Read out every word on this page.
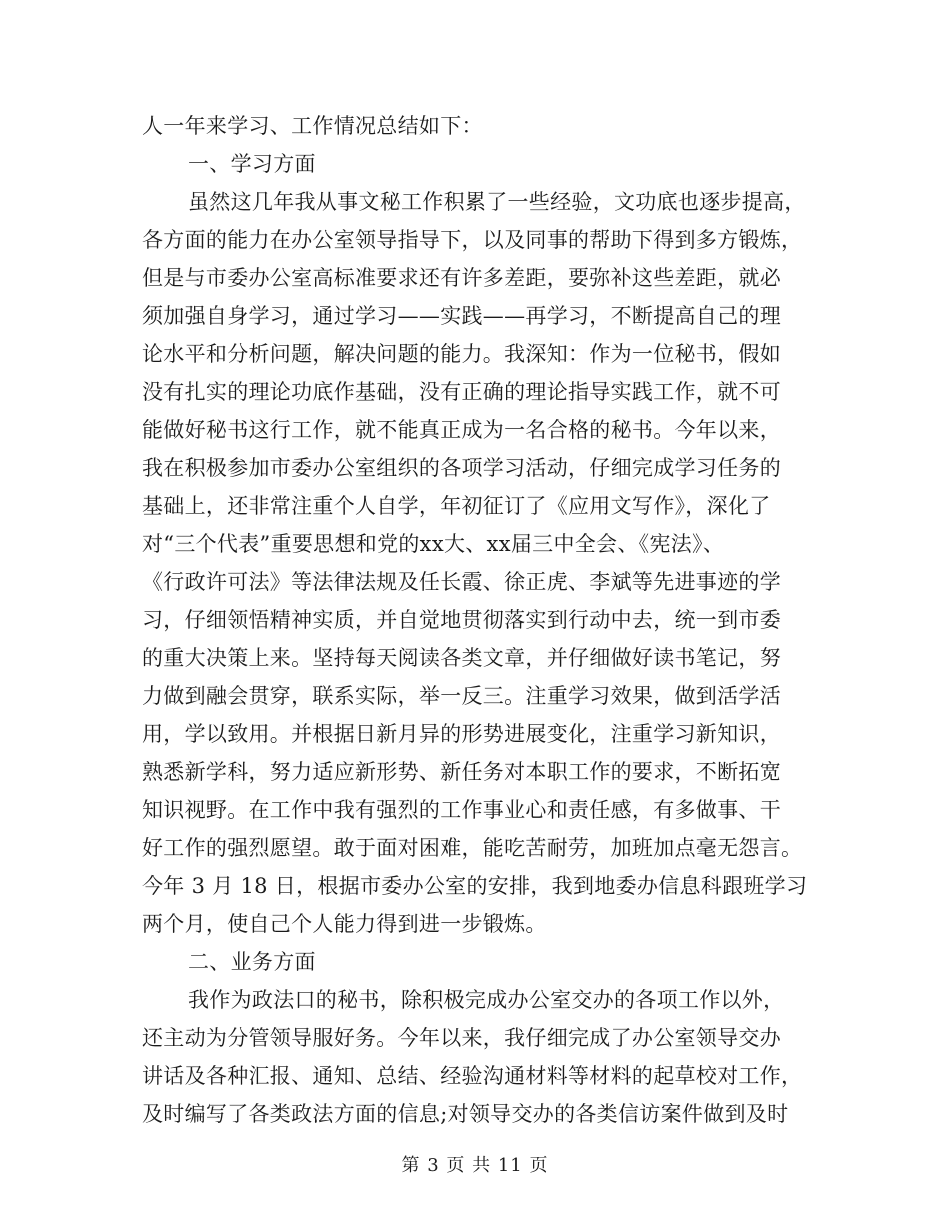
人一年来学习、工作情况总结如下：
一、学习方面
虽然这几年我从事文秘工作积累了一些经验，文功底也逐步提高，
各方面的能力在办公室领导指导下，以及同事的帮助下得到多方锻炼，
但是与市委办公室高标准要求还有许多差距，要弥补这些差距，就必
须加强自身学习，通过学习——实践——再学习，不断提高自己的理
论水平和分析问题，解决问题的能力。我深知：作为一位秘书，假如
没有扎实的理论功底作基础，没有正确的理论指导实践工作，就不可
能做好秘书这行工作，就不能真正成为一名合格的秘书。今年以来，
我在积极参加市委办公室组织的各项学习活动，仔细完成学习任务的
基础上，还非常注重个人自学，年初征订了《应用文写作》，深化了
对“三个代表”重要思想和党的xx大、xx届三中全会、《宪法》、
《行政许可法》等法律法规及任长霞、徐正虎、李斌等先进事迹的学
习，仔细领悟精神实质，并自觉地贯彻落实到行动中去，统一到市委
的重大决策上来。坚持每天阅读各类文章，并仔细做好读书笔记，努
力做到融会贯穿，联系实际，举一反三。注重学习效果，做到活学活
用，学以致用。并根据日新月异的形势进展变化，注重学习新知识，
熟悉新学科，努力适应新形势、新任务对本职工作的要求，不断拓宽
知识视野。在工作中我有强烈的工作事业心和责任感，有多做事、干
好工作的强烈愿望。敢于面对困难，能吃苦耐劳，加班加点毫无怨言。
今年 3 月 18 日，根据市委办公室的安排，我到地委办信息科跟班学习
两个月，使自己个人能力得到进一步锻炼。
二、业务方面
我作为政法口的秘书，除积极完成办公室交办的各项工作以外，
还主动为分管领导服好务。今年以来，我仔细完成了办公室领导交办
讲话及各种汇报、通知、总结、经验沟通材料等材料的起草校对工作，
及时编写了各类政法方面的信息;对领导交办的各类信访案件做到及时
第 3 页 共 11 页
